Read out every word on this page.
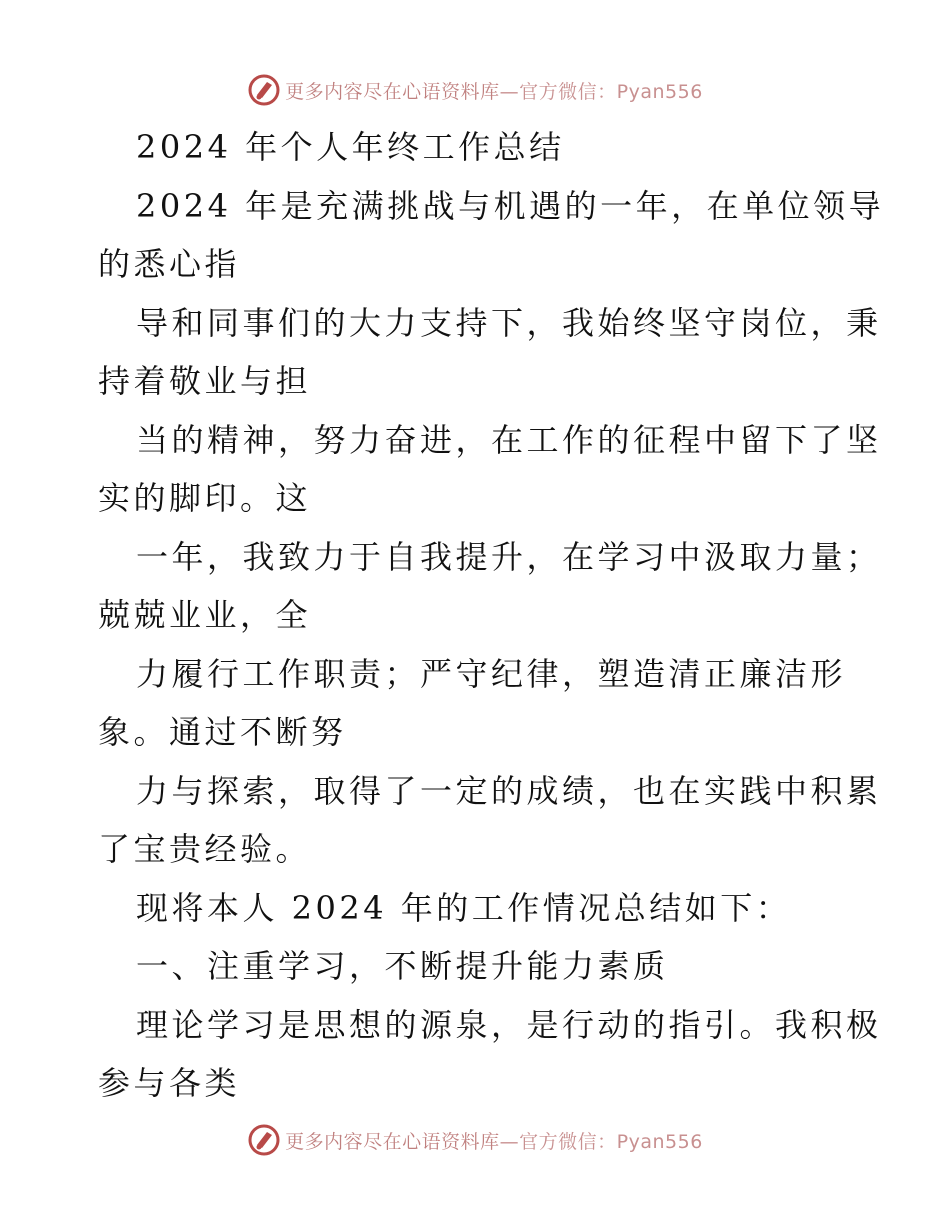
更多内容尽在心语资料库 —官方微信：Pyan556
2024 年个人年终工作总结
2024 年是充满挑战与机遇的一年，在单位领导
的悉心指
导和同事们的大力支持下，我始终坚守岗位，秉
持着敬业与担
当的精神，努力奋进，在工作的征程中留下了坚
实的脚印。这
一年，我致力于自我提升，在学习中汲取力量；
兢兢业业，全
力履行工作职责；严守纪律，塑造清正廉洁形
象。通过不断努
力与探索，取得了一定的成绩，也在实践中积累
了宝贵经验。
现将本人 2024 年的工作情况总结如下：
一、注重学习，不断提升能力素质
理论学习是思想的源泉，是行动的指引。我积极
参与各类
更多内容尽在心语资料库 —官方微信：Pyan556
